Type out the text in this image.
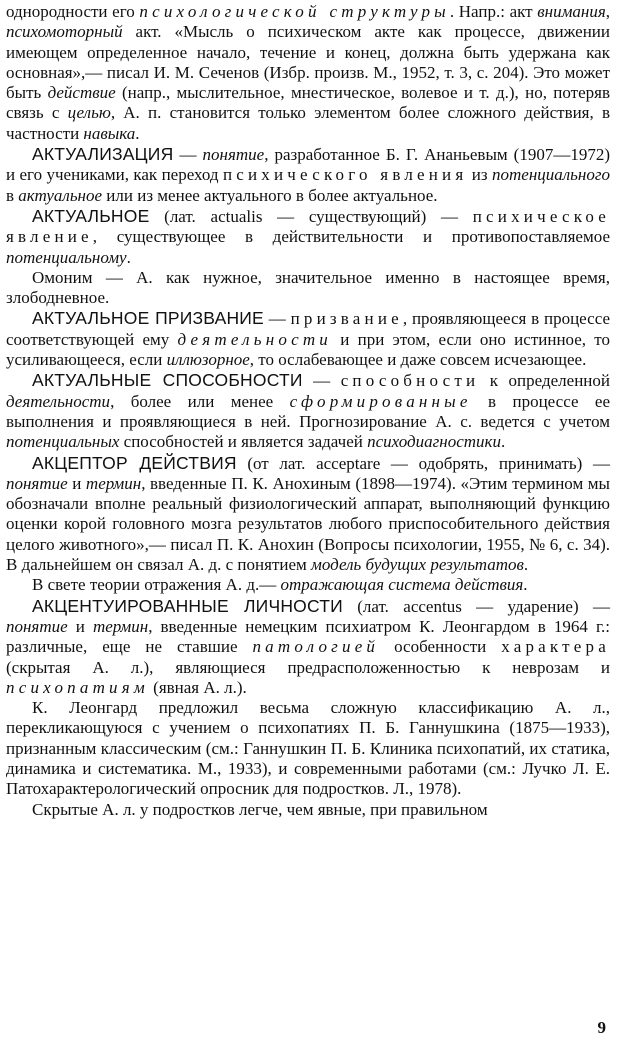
однородности его психологической структуры. Напр.: акт внимания, психомоторный акт. «Мысль о психическом акте как процессе, движении имеющем определенное начало, течение и конец, должна быть удержана как основная»,— писал И. М. Сеченов (Избр. произв. М., 1952, т. 3, с. 204). Это может быть действие (напр., мыслительное, мнестическое, волевое и т. д.), но, потеряв связь с целью, А. п. становится только элементом более сложного действия, в частности навыка.

АКТУАЛИЗАЦИЯ — понятие, разработанное Б. Г. Ананьевым (1907—1972) и его учениками, как переход психического явления из потенциального в актуальное или из менее актуального в более актуальное.

АКТУАЛЬНОЕ (лат. actualis — существующий) — психическое явление, существующее в действительности и противопоставляемое потенциальному.

Омоним — А. как нужное, значительное именно в настоящее время, злободневное.

АКТУАЛЬНОЕ ПРИЗВАНИЕ — призвание, проявляющееся в процессе соответствующей ему деятельности и при этом, если оно истинное, то усиливающееся, если иллюзорное, то ослабевающее и даже совсем исчезающее.

АКТУАЛЬНЫЕ СПОСОБНОСТИ — способности к определенной деятельности, более или менее сформированные в процессе ее выполнения и проявляющиеся в ней. Прогнозирование А. с. ведется с учетом потенциальных способностей и является задачей психодиагностики.

АКЦЕПТОР ДЕЙСТВИЯ (от лат. acceptare — одобрять, принимать) — понятие и термин, введенные П. К. Анохиным (1898—1974). «Этим термином мы обозначали вполне реальный физиологический аппарат, выполняющий функцию оценки корой головного мозга результатов любого приспособительного действия целого животного»,— писал П. К. Анохин (Вопросы психологии, 1955, № 6, с. 34). В дальнейшем он связал А. д. с понятием модель будущих результатов.

В свете теории отражения А. д.— отражающая система действия.

АКЦЕНТУИРОВАННЫЕ ЛИЧНОСТИ (лат. accentus — ударение) — понятие и термин, введенные немецким психиатром К. Леонгардом в 1964 г.: различные, еще не ставшие патологией особенности характера (скрытая А. л.), являющиеся предрасположенностью к неврозам и психопатиям (явная А. л.).

К. Леонгард предложил весьма сложную классификацию А. л., перекликающуюся с учением о психопатиях П. Б. Ганнушкина (1875—1933), признанным классическим (см.: Ганнушкин П. Б. Клиника психопатий, их статика, динамика и систематика. М., 1933), и современными работами (см.: Лучко Л. Е. Патохарактерологический опросник для подростков. Л., 1978).

Скрытые А. л. у подростков легче, чем явные, при правильном

9
